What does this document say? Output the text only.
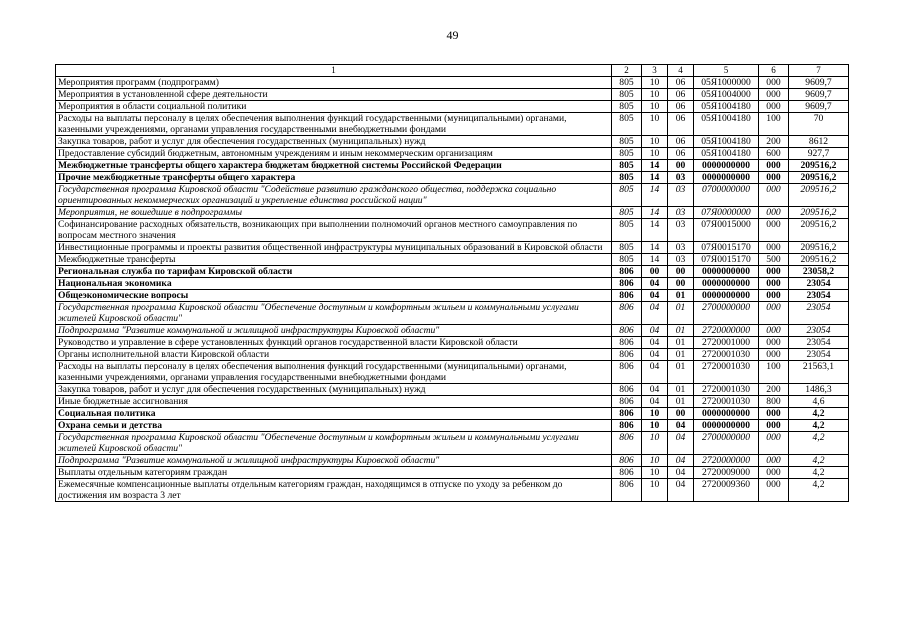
49
1	2	3	4	5	6	7
Мероприятия программ (подпрограмм)	805	10	06	05Я1000000	000	9609,7
Мероприятия в установленной сфере деятельности	805	10	06	05Я1004000	000	9609,7
Мероприятия в области социальной политики	805	10	06	05Я1004180	000	9609,7
Расходы на выплаты персоналу в целях обеспечения выполнения функций государственными (муниципальными) органами, казенными учреждениями, органами управления государственными внебюджетными фондами	805	10	06	05Я1004180	100	70
Закупка товаров, работ и услуг для обеспечения государственных (муниципальных) нужд	805	10	06	05Я1004180	200	8612
Предоставление субсидий бюджетным, автономным учреждениям и иным некоммерческим организациям	805	10	06	05Я1004180	600	927,7
Межбюджетные трансферты общего характера бюджетам бюджетной системы Российской Федерации	805	14	00	0000000000	000	209516,2
Прочие межбюджетные трансферты общего характера	805	14	03	0000000000	000	209516,2
Государственная программа Кировской области "Содействие развитию гражданского общества, поддержка социально ориентированных некоммерческих организаций и укрепление единства российской нации"	805	14	03	0700000000	000	209516,2
Мероприятия, не вошедшие в подпрограммы	805	14	03	07Я0000000	000	209516,2
Софинансирование расходных обязательств, возникающих при выполнении полномочий органов местного самоуправления по вопросам местного значения	805	14	03	07Я0015000	000	209516,2
Инвестиционные программы и проекты развития общественной инфраструктуры муниципальных образований в Кировской области	805	14	03	07Я0015170	000	209516,2
Межбюджетные трансферты	805	14	03	07Я0015170	500	209516,2
Региональная служба по тарифам Кировской области	806	00	00	0000000000	000	23058,2
Национальная экономика	806	04	00	0000000000	000	23054
Общеэкономические вопросы	806	04	01	0000000000	000	23054
Государственная программа Кировской области "Обеспечение доступным и комфортным жильем и коммунальными услугами жителей Кировской области"	806	04	01	2700000000	000	23054
Подпрограмма "Развитие коммунальной и жилищной инфраструктуры Кировской области"	806	04	01	2720000000	000	23054
Руководство и управление в сфере установленных функций органов государственной власти Кировской области	806	04	01	2720001000	000	23054
Органы исполнительной власти Кировской области	806	04	01	2720001030	000	23054
Расходы на выплаты персоналу в целях обеспечения выполнения функций государственными (муниципальными) органами, казенными учреждениями, органами управления государственными внебюджетными фондами	806	04	01	2720001030	100	21563,1
Закупка товаров, работ и услуг для обеспечения государственных (муниципальных) нужд	806	04	01	2720001030	200	1486,3
Иные бюджетные ассигнования	806	04	01	2720001030	800	4,6
Социальная политика	806	10	00	0000000000	000	4,2
Охрана семьи и детства	806	10	04	0000000000	000	4,2
Государственная программа Кировской области "Обеспечение доступным и комфортным жильем и коммунальными услугами жителей Кировской области"	806	10	04	2700000000	000	4,2
Подпрограмма "Развитие коммунальной и жилищной инфраструктуры Кировской области"	806	10	04	2720000000	000	4,2
Выплаты отдельным категориям граждан	806	10	04	2720009000	000	4,2
Ежемесячные компенсационные выплаты отдельным категориям граждан, находящимся в отпуске по уходу за ребенком до достижения им возраста 3 лет	806	10	04	2720009360	000	4,2
